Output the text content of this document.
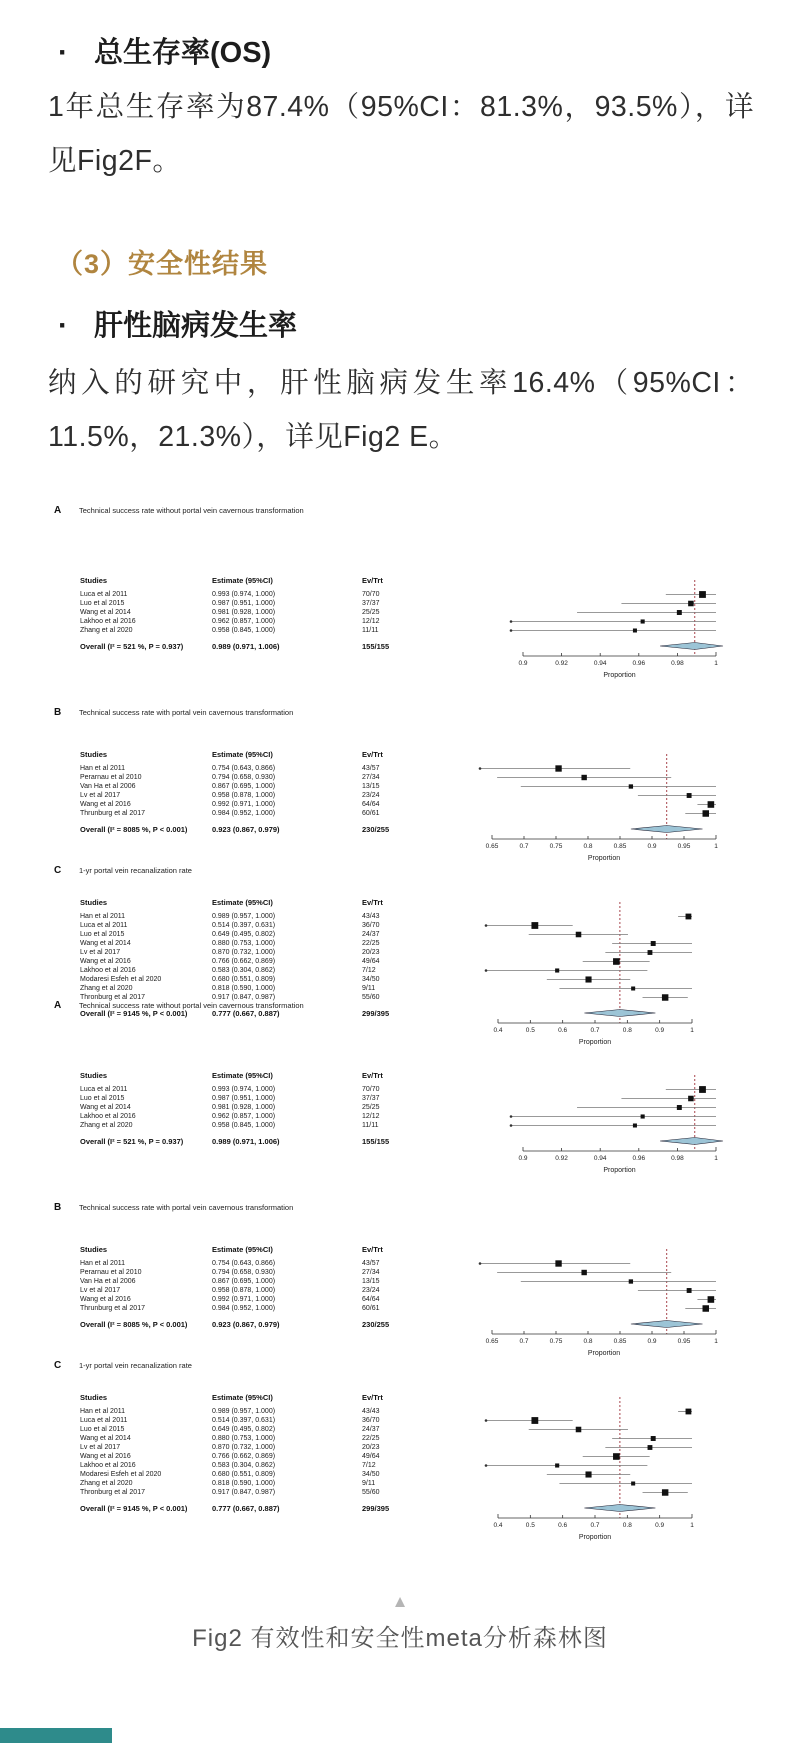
· 总生存率(OS)

1年总生存率为87.4%（95%CI：81.3%，93.5%），详见Fig2F。

（3）安全性结果
· 肝性脑病发生率

纳入的研究中，肝性脑病发生率16.4%（95%CI：11.5%，21.3%），详见Fig2 E。

A	Technical success rate without portal vein cavernous transformation
Studies	Estimate (95%CI)	Ev/Trt
Luca et al 2011	0.993 (0.974, 1.000)	70/70
Luo et al 2015	0.987 (0.951, 1.000)	37/37
Wang et al 2014	0.981 (0.928, 1.000)	25/25
Lakhoo et al 2016	0.962 (0.857, 1.000)	12/12
Zhang et al 2020	0.958 (0.845, 1.000)	11/11
Overall (I² = 521 %, P = 0.937)	0.989 (0.971, 1.006)	155/155
0.9	0.92	0.94	0.96	0.98	1
Proportion
B	Technical success rate with portal vein cavernous transformation
Studies	Estimate (95%CI)	Ev/Trt
Han et al 2011	0.754 (0.643, 0.866)	43/57
Perarnau et al 2010	0.794 (0.658, 0.930)	27/34
Van Ha et al 2006	0.867 (0.695, 1.000)	13/15
Lv et al 2017	0.958 (0.878, 1.000)	23/24
Wang et al 2016	0.992 (0.971, 1.000)	64/64
Thrunburg et al 2017	0.984 (0.952, 1.000)	60/61
Overall (I² = 8085 %, P < 0.001)	0.923 (0.867, 0.979)	230/255
0.65	0.7	0.75	0.8	0.85	0.9	0.95	1
Proportion
C	1-yr portal vein recanalization rate
Studies	Estimate (95%CI)	Ev/Trt
Han et al 2011	0.989 (0.957, 1.000)	43/43
Luca et al 2011	0.514 (0.397, 0.631)	36/70
Luo et al 2015	0.649 (0.495, 0.802)	24/37
Wang et al 2014	0.880 (0.753, 1.000)	22/25
Lv et al 2017	0.870 (0.732, 1.000)	20/23
Wang et al 2016	0.766 (0.662, 0.869)	49/64
Lakhoo et al 2016	0.583 (0.304, 0.862)	7/12
Modaresi Esfeh et al 2020	0.680 (0.551, 0.809)	34/50
Zhang et al 2020	0.818 (0.590, 1.000)	9/11
Thronburg et al 2017	0.917 (0.847, 0.987)	55/60
Overall (I² = 9145 %, P < 0.001)	0.777 (0.667, 0.887)	299/395
0.4	0.5	0.6	0.7	0.8	0.9	1
Proportion
A	Technical success rate without portal vein cavernous transformation
Studies	Estimate (95%CI)	Ev/Trt
Luca et al 2011	0.993 (0.974, 1.000)	70/70
Luo et al 2015	0.987 (0.951, 1.000)	37/37
Wang et al 2014	0.981 (0.928, 1.000)	25/25
Lakhoo et al 2016	0.962 (0.857, 1.000)	12/12
Zhang et al 2020	0.958 (0.845, 1.000)	11/11
Overall (I² = 521 %, P = 0.937)	0.989 (0.971, 1.006)	155/155
0.9	0.92	0.94	0.96	0.98	1
Proportion
B	Technical success rate with portal vein cavernous transformation
Studies	Estimate (95%CI)	Ev/Trt
Han et al 2011	0.754 (0.643, 0.866)	43/57
Perarnau et al 2010	0.794 (0.658, 0.930)	27/34
Van Ha et al 2006	0.867 (0.695, 1.000)	13/15
Lv et al 2017	0.958 (0.878, 1.000)	23/24
Wang et al 2016	0.992 (0.971, 1.000)	64/64
Thrunburg et al 2017	0.984 (0.952, 1.000)	60/61
Overall (I² = 8085 %, P < 0.001)	0.923 (0.867, 0.979)	230/255
0.65	0.7	0.75	0.8	0.85	0.9	0.95	1
Proportion
C	1-yr portal vein recanalization rate
Studies	Estimate (95%CI)	Ev/Trt
Han et al 2011	0.989 (0.957, 1.000)	43/43
Luca et al 2011	0.514 (0.397, 0.631)	36/70
Luo et al 2015	0.649 (0.495, 0.802)	24/37
Wang et al 2014	0.880 (0.753, 1.000)	22/25
Lv et al 2017	0.870 (0.732, 1.000)	20/23
Wang et al 2016	0.766 (0.662, 0.869)	49/64
Lakhoo et al 2016	0.583 (0.304, 0.862)	7/12
Modaresi Esfeh et al 2020	0.680 (0.551, 0.809)	34/50
Zhang et al 2020	0.818 (0.590, 1.000)	9/11
Thronburg et al 2017	0.917 (0.847, 0.987)	55/60
Overall (I² = 9145 %, P < 0.001)	0.777 (0.667, 0.887)	299/395
0.4	0.5	0.6	0.7	0.8	0.9	1
Proportion
▲
Fig2 有效性和安全性meta分析森林图
